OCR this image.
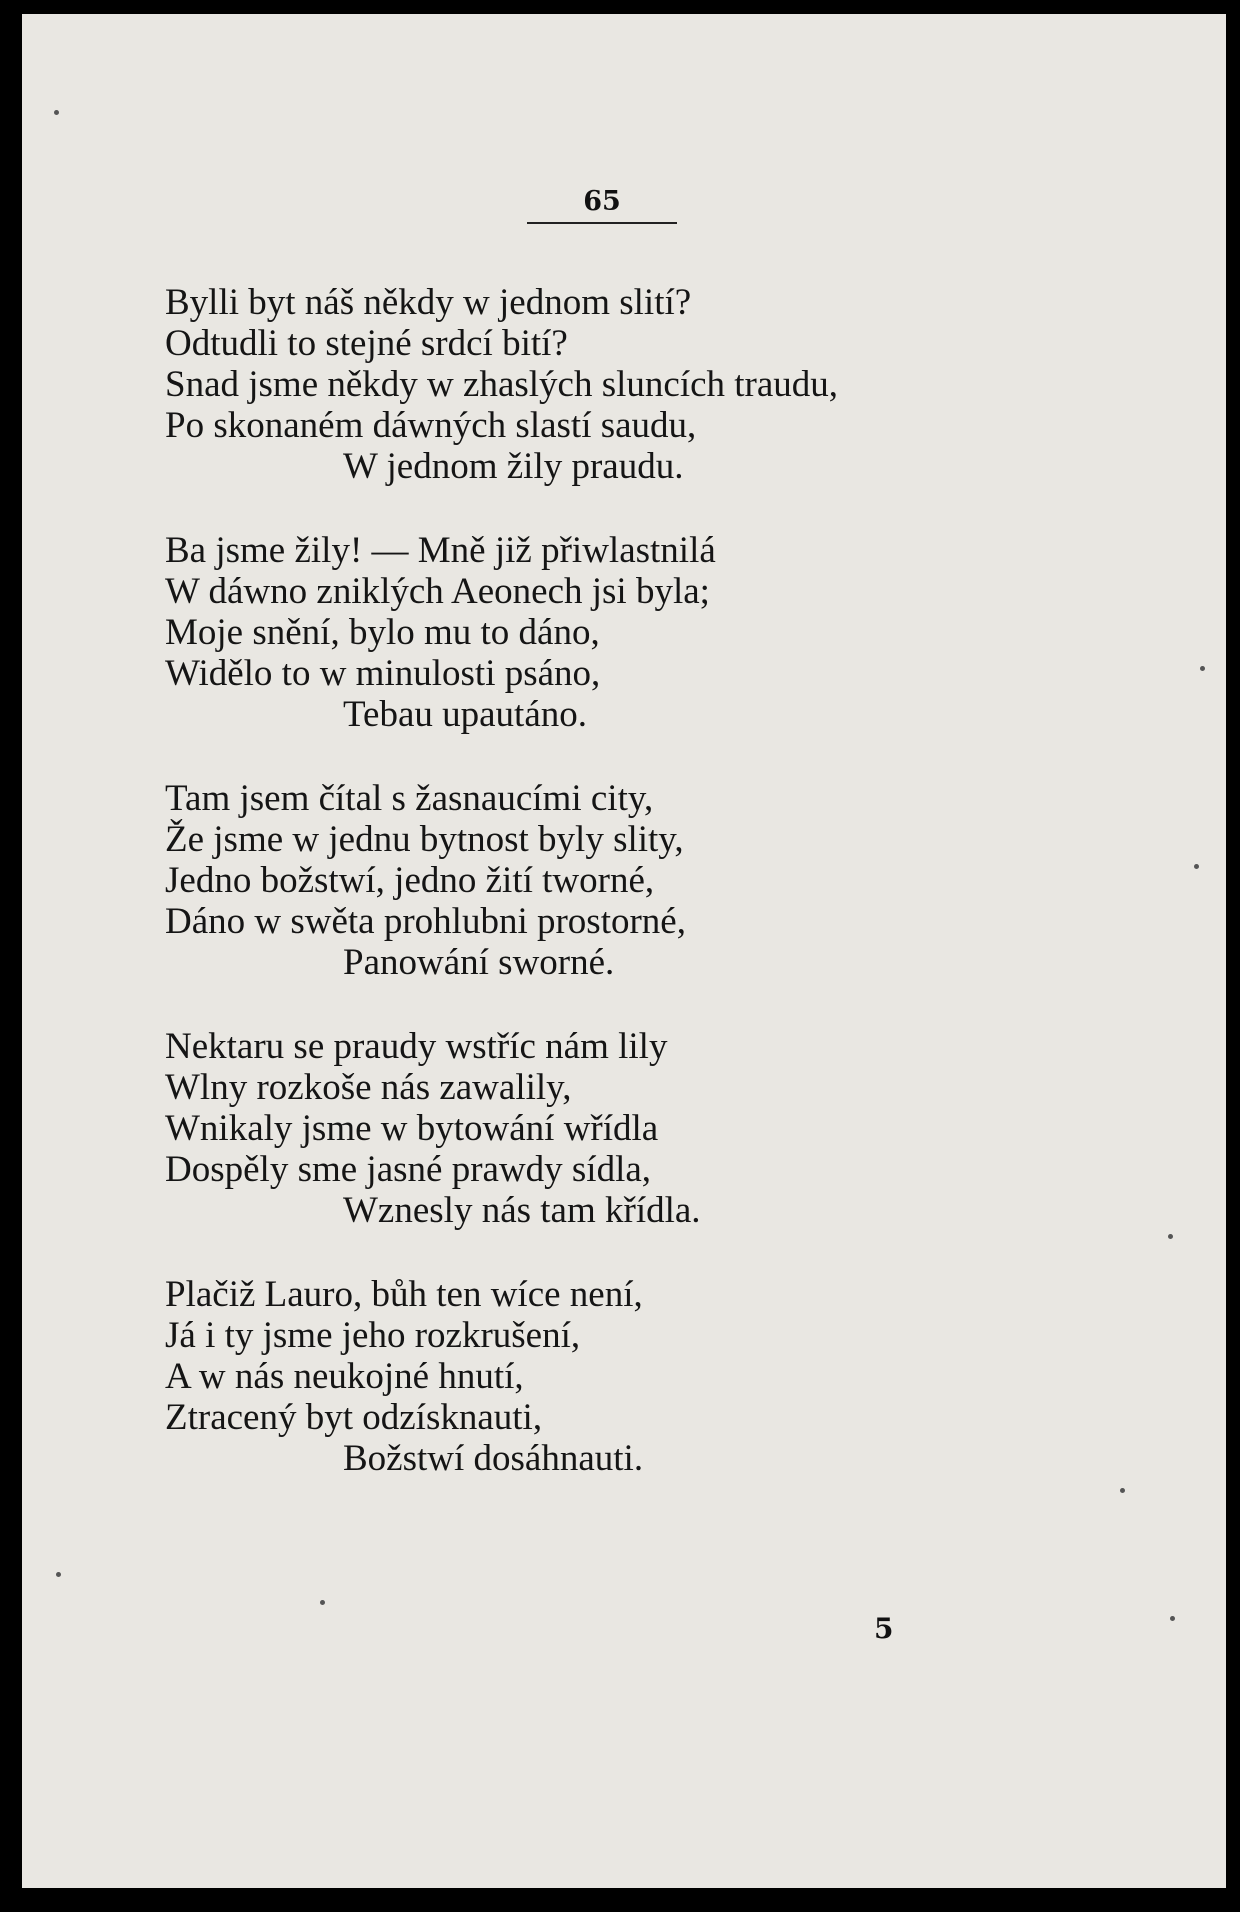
65
Bylli byt náš někdy w jednom slití?
Odtudli to stejné srdcí bití?
Snad jsme někdy w zhaslých sluncích traudu,
Po skonaném dáwných slastí saudu,
W jednom žily praudu.
Ba jsme žily! — Mně již přiwlastnilá
W dáwno zniklých Aeonech jsi byla;
Moje snění, bylo mu to dáno,
Widělo to w minulosti psáno,
Tebau upautáno.
Tam jsem čítal s žasnaucími city,
Že jsme w jednu bytnost byly slity,
Jedno božstwí, jedno žití tworné,
Dáno w swěta prohlubni prostorné,
Panowání sworné.
Nektaru se praudy wstříc nám lily
Wlny rozkoše nás zawalily,
Wnikaly jsme w bytowání wřídla
Dospěly sme jasné prawdy sídla,
Wznesly nás tam křídla.
Plačiž Lauro, bůh ten wíce není,
Já i ty jsme jeho rozkrušení,
A w nás neukojné hnutí,
Ztracený byt odzísknauti,
Božstwí dosáhnauti.
5
